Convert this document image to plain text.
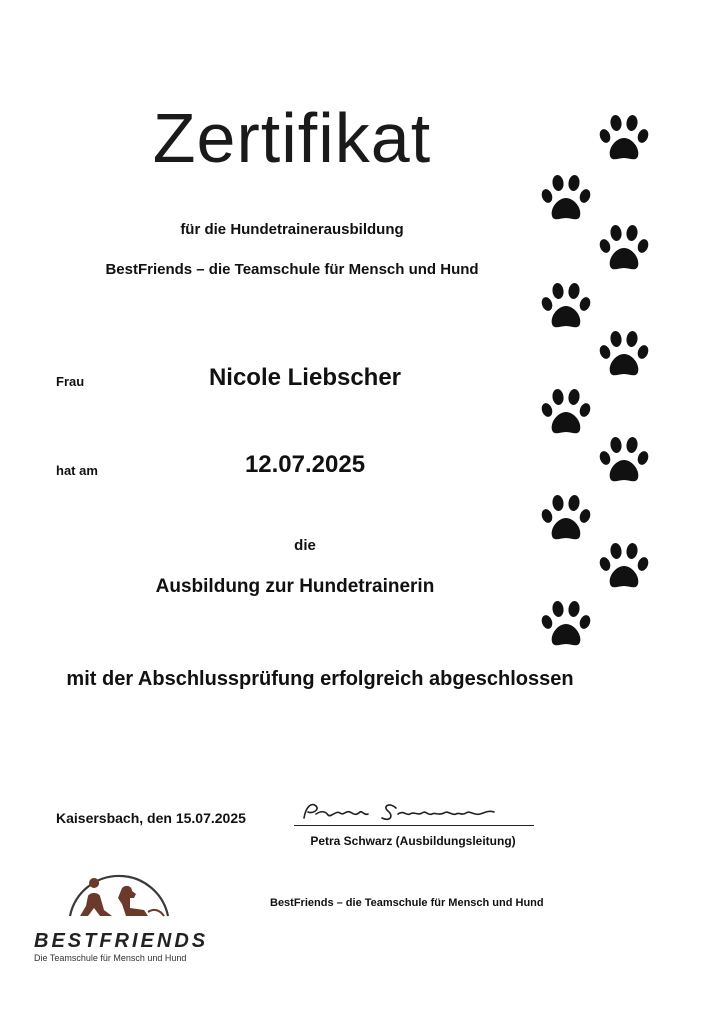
Zertifikat
für die Hundetrainerausbildung
BestFriends – die Teamschule für Mensch und Hund
Frau	Nicole Liebscher
hat am	12.07.2025
die
Ausbildung zur Hundetrainerin
mit der Abschlussprüfung erfolgreich abgeschlossen
Kaisersbach, den 15.07.2025
Petra Schwarz (Ausbildungsleitung)
BestFriends – die Teamschule für Mensch und Hund
BESTFRIENDS
Die Teamschule für Mensch und Hund
